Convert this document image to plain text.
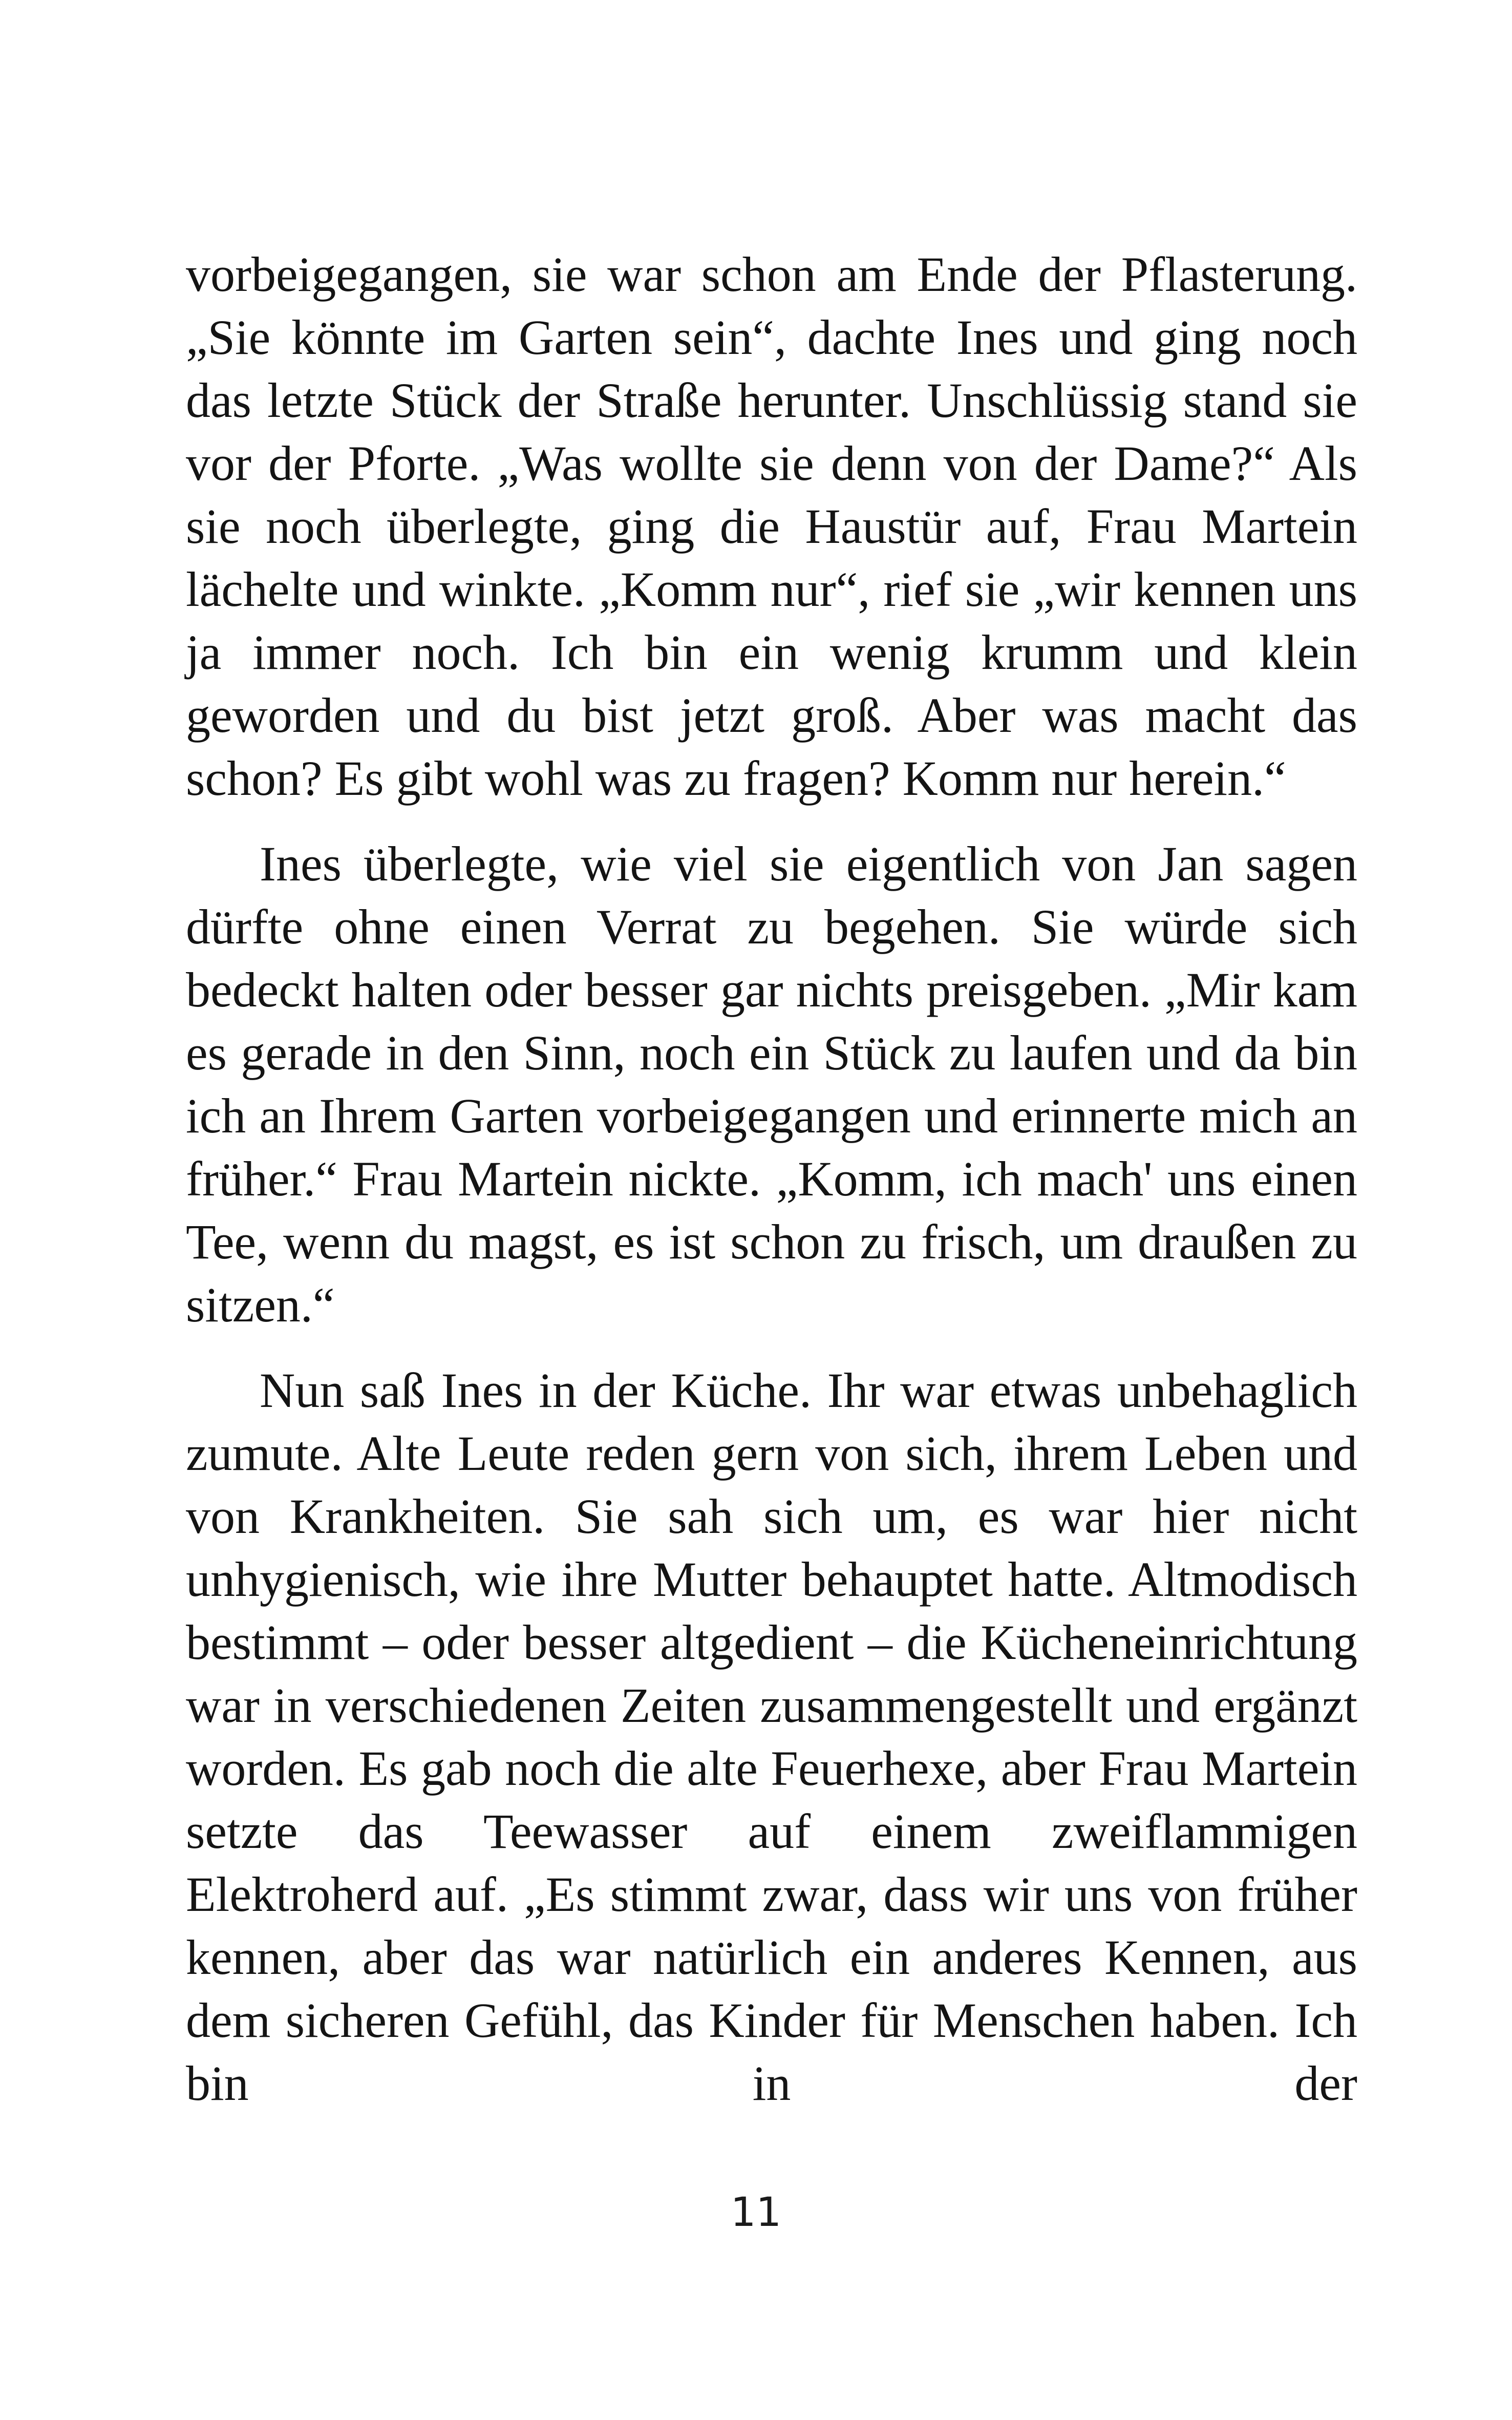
vorbeigegangen, sie war schon am Ende der Pflasterung. „Sie könnte im Garten sein“, dachte Ines und ging noch das letzte Stück der Straße herunter. Unschlüssig stand sie vor der Pforte. „Was wollte sie denn von der Dame?“ Als sie noch überlegte, ging die Haustür auf, Frau Martein lächelte und winkte. „Komm nur“, rief sie „wir kennen uns ja immer noch. Ich bin ein wenig krumm und klein geworden und du bist jetzt groß. Aber was macht das schon? Es gibt wohl was zu fragen? Komm nur herein.“

Ines überlegte, wie viel sie eigentlich von Jan sagen dürfte ohne einen Verrat zu begehen. Sie würde sich bedeckt halten oder besser gar nichts preisgeben. „Mir kam es gerade in den Sinn, noch ein Stück zu laufen und da bin ich an Ihrem Garten vorbeigegangen und erinnerte mich an früher.“ Frau Martein nickte. „Komm, ich mach' uns einen Tee, wenn du magst, es ist schon zu frisch, um draußen zu sitzen.“

Nun saß Ines in der Küche. Ihr war etwas unbehaglich zumute. Alte Leute reden gern von sich, ihrem Leben und von Krankheiten. Sie sah sich um, es war hier nicht unhygienisch, wie ihre Mutter behauptet hatte. Altmodisch bestimmt – oder besser altgedient – die Kücheneinrichtung war in verschiedenen Zeiten zusammengestellt und ergänzt worden. Es gab noch die alte Feuerhexe, aber Frau Martein setzte das Teewasser auf einem zweiflammigen Elektroherd auf. „Es stimmt zwar, dass wir uns von früher kennen, aber das war natürlich ein anderes Kennen, aus dem sicheren Gefühl, das Kinder für Menschen haben. Ich bin in der

11
